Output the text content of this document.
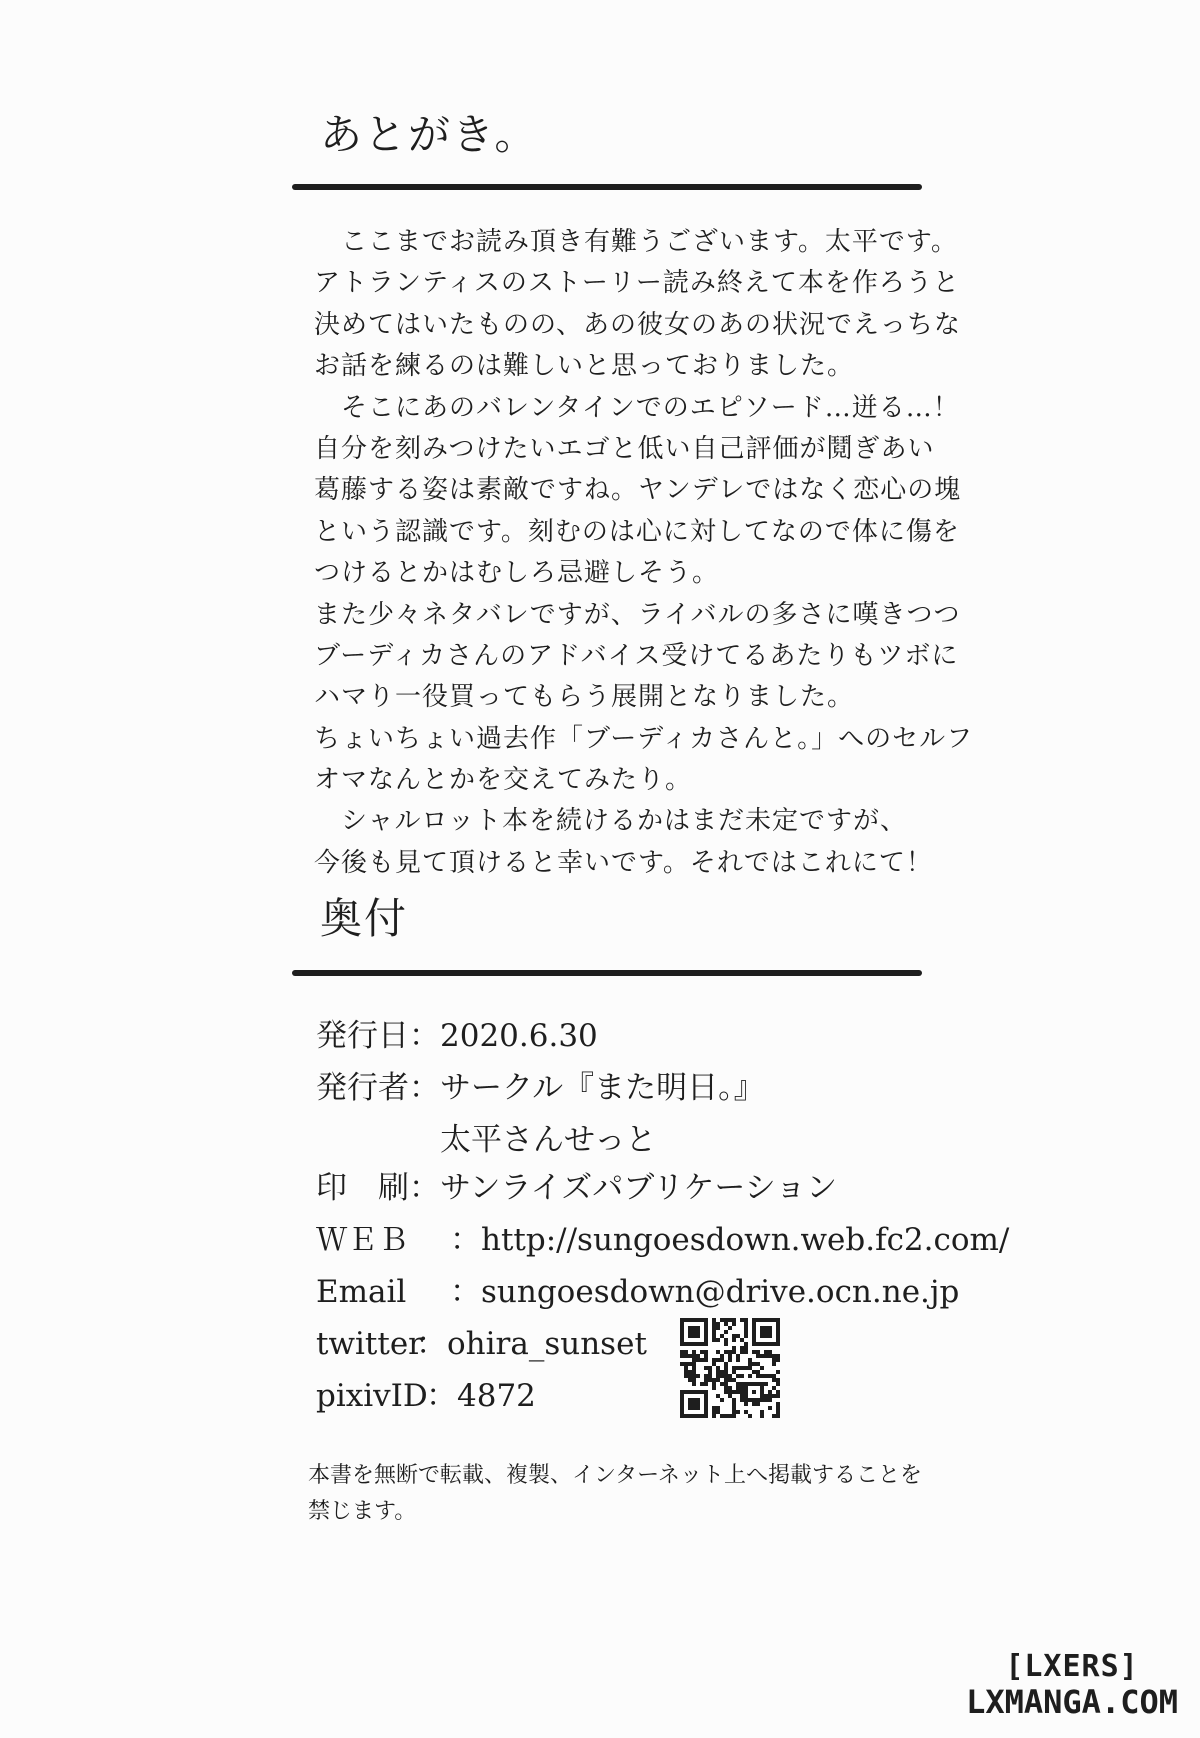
あとがき。
　ここまでお読み頂き有難うございます。太平です。
アトランティスのストーリー読み終えて本を作ろうと
決めてはいたものの、あの彼女のあの状況でえっちな
お話を練るのは難しいと思っておりました。
　そこにあのバレンタインでのエピソード…迸る…！
自分を刻みつけたいエゴと低い自己評価が鬩ぎあい
葛藤する姿は素敵ですね。ヤンデレではなく恋心の塊
という認識です。刻むのは心に対してなので体に傷を
つけるとかはむしろ忌避しそう。
また少々ネタバレですが、ライバルの多さに嘆きつつ
ブーディカさんのアドバイス受けてるあたりもツボに
ハマり一役買ってもらう展開となりました。
ちょいちょい過去作「ブーディカさんと。」へのセルフ
オマなんとかを交えてみたり。
　シャルロット本を続けるかはまだ未定ですが、
今後も見て頂けると幸いです。それではこれにて！
奥付
発行日： 2020.6.30
発行者： サークル『また明日。』
太平さんせっと
印　刷： サンライズパブリケーション
ＷＥＢ ：http://sungoesdown.web.fc2.com/
Email ：sungoesdown@drive.ocn.ne.jp
twitter
：ohira_sunset
pixivID
：4872
本書を無断で転載、複製、インターネット上へ掲載することを
禁じます。
[LXERS]
LXMANGA.COM
